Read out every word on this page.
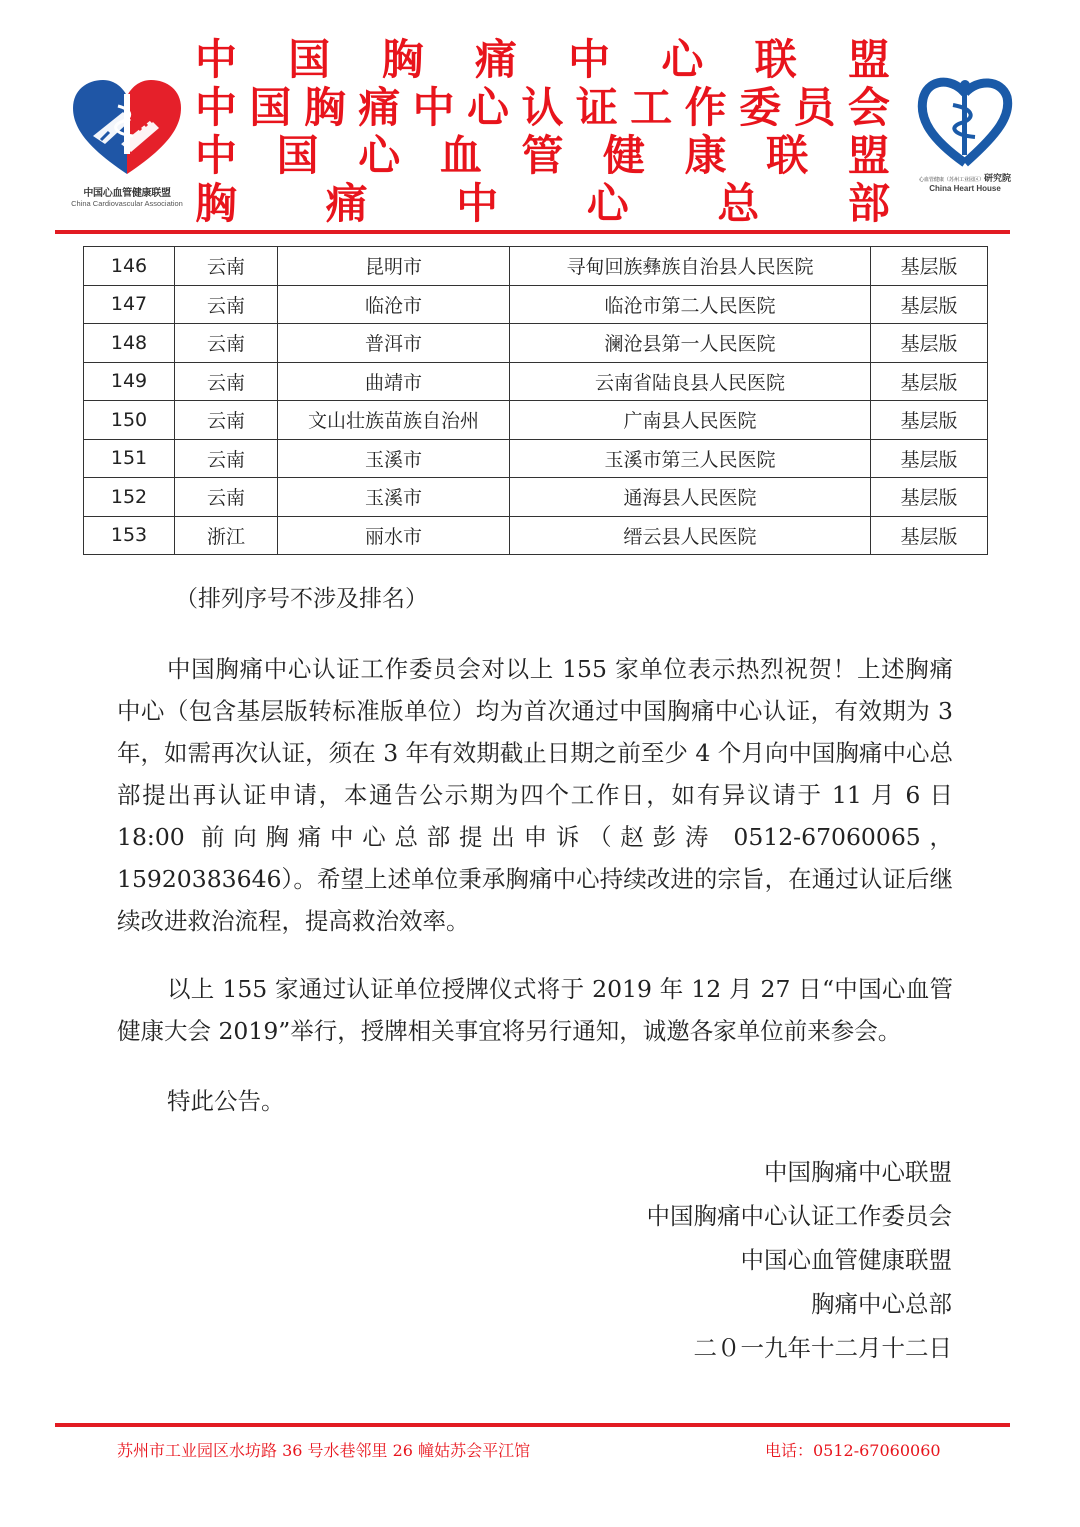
中国心血管健康联盟
China Cardiovascular Association
中 国 胸 痛 中 心 联 盟
中 国 胸 痛 中 心 认 证 工 作 委 员 会
中 国 心 血 管 健 康 联 盟
胸 痛 中 心 总 部	心血管健康（苏州工业园区）研究院
China Heart House
146	云南	昆明市	寻甸回族彝族自治县人民医院	基层版
147	云南	临沧市	临沧市第二人民医院	基层版
148	云南	普洱市	澜沧县第一人民医院	基层版
149	云南	曲靖市	云南省陆良县人民医院	基层版
150	云南	文山壮族苗族自治州	广南县人民医院	基层版
151	云南	玉溪市	玉溪市第三人民医院	基层版
152	云南	玉溪市	通海县人民医院	基层版
153	浙江	丽水市	缙云县人民医院	基层版
（排列序号不涉及排名）

中国胸痛中心认证工作委员会对以上 155 家单位表示热烈祝贺！上述胸痛中心（包含基层版转标准版单位）均为首次通过中国胸痛中心认证，有效期为 3 年，如需再次认证，须在 3 年有效期截止日期之前至少 4 个月向中国胸痛中心总部提出再认证申请，本通告公示期为四个工作日，如有异议请于 11 月 6 日 18:00 前向胸痛中心总部提出申诉（赵彭涛 0512-67060065，15920383646）。希望上述单位秉承胸痛中心持续改进的宗旨，在通过认证后继续改进救治流程，提高救治效率。

以上 155 家通过认证单位授牌仪式将于 2019 年 12 月 27 日“中国心血管健康大会 2019”举行，授牌相关事宜将另行通知，诚邀各家单位前来参会。

特此公告。

中国胸痛中心联盟
中国胸痛中心认证工作委员会
中国心血管健康联盟
胸痛中心总部
二０一九年十二月十二日
苏州市工业园区水坊路 36 号水巷邻里 26 幢姑苏会平江馆	电话：0512-67060060
